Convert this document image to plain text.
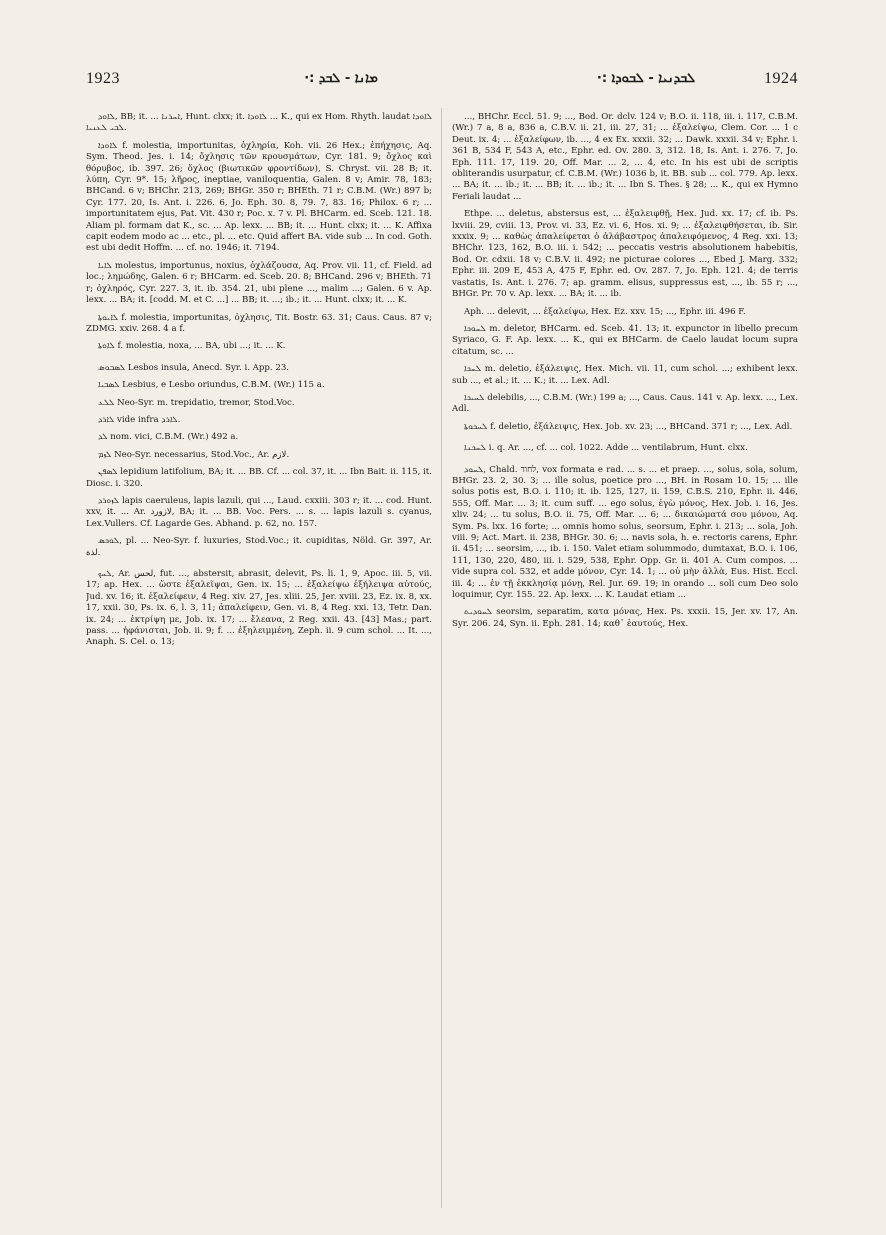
1923	·: ܡܐܢܐ - ܠܒܕ	·: ܠܒܕܢܝܐ - ܠܒܘܕܐ	1924

ܠܐܘܕ, BB; it. ... ܐܚܪܢܐ, Hunt. clxx; it. ܠܐܘܕܐ ... K., qui ex Hom. Rhyth. laudat ܠܐܘܕܐ ܠܒܝ ܠܥܢܝܐ.

ܠܐܘܕܐ f. molestia, importunitas, ὀχληρία, Koh. vii. 26 Hex.; ἐπήχησις, Aq. Sym. Theod. Jes. i. 14; ὄχλησις τῶν κρουσμάτων, Cyr. 181. 9; ὄχλος καὶ θόρυβος, ib. 397. 26; ὄχλος (βιωτικῶν φροντίδων), S. Chryst. vii. 28 B; it. λύπη, Cyr. 9*. 15; λῆρος, ineptiae, vaniloquentia, Galen. 8 v; Amir. 78, 183; BHCand. 6 v; BHChr. 213, 269; BHGr. 350 r; BHEth. 71 r; C.B.M. (Wr.) 897 b; Cyr. 177. 20, Is. Ant. i. 226. 6, Jo. Eph. 30. 8, 79. 7, 83. 16; Philox. 6 r; ... importunitatem ejus, Pat. Vit. 430 r; Poc. x. 7 v. Pl. BHCarm. ed. Sceb. 121. 18. Aliam pl. formam dat K., sc. ... Ap. lexx. ... BB; it. ... Hunt. clxx; it. ... K. Affixa capit eodem modo ac ... etc., pl. ... etc. Quid affert BA. vide sub ... In cod. Goth. est ubi dedit Hoffm. ... cf. no. 1946; it. 7194.

ܠܐܝܐ molestus, importunus, noxius, ὀχλάζουσα, Aq. Prov. vii. 11, cf. Field. ad loc.; λημώδης, Galen. 6 r; BHCarm. ed. Sceb. 20. 8; BHCand. 296 v; BHEth. 71 r; ὀχληρός, Cyr. 227. 3, it. ib. 354. 21, ubi plene ..., malim ...; Galen. 6 v. Ap. lexx. ... BA; it. [codd. M. et C. ...] ... BB; it. ...; ib.; it. ... Hunt. clxx; it. ... K.

ܠܐܝܘܬܐ f. molestia, importunitas, ὀχλησις, Tit. Bostr. 63. 31; Caus. Caus. 87 v; ZDMG. xxiv. 268. 4 a f.

ܠܐܘܬܐ f. molestia, noxa, ... BA, ubi ...; it. ... K.

ܠܣܒܘܣ Lesbos insula, Anecd. Syr. i. App. 23.

ܠܣܒܝܐ Lesbius, e Lesbo oriundus, C.B.M. (Wr.) 115 a.

ܠܠܥ Neo-Syr. m. trepidatio, tremor, Stod.Voc.

ܠܐܪܕ vide infra ܠܐܪܕ.

ܠܕ nom. vici, C.B.M. (Wr.) 492 a.

ܠܙܡ Neo-Syr. necessarius, Stod.Voc., Ar. لازم.

ܠܣܦܢ lepidium latifolium, BA; it. ... BB. Cf. ... col. 37, it. ... Ibn Bait. ii. 115, it. Diosc. i. 320.

ܠܙܘܪܕ lapis caeruleus, lapis lazuli, qui ..., Laud. cxxiii. 303 r; it. ... cod. Hunt. xxv, it. ... Ar. لازورد, BA; it. ... BB. Voc. Pers. ... s. ... lapis lazuli s. cyanus, Lex.Vullers. Cf. Lagarde Ges. Abhand. p. 62, no. 157.

ܠܘܟܣ, pl. ... Neo-Syr. f. luxuries, Stod.Voc.; it. cupiditas, Nöld. Gr. 397, Ar. لذة.

ܠܚܟ, Ar. لحس, fut. ..., abstersit, abrasit, delevit, Ps. li. 1, 9, Apoc. iii. 5, vii. 17; ap. Hex. ... ὥστε ἐξαλεῖψαι, Gen. ix. 15; ... ἐξαλείψω ἐξήλειψα αὐτούς, Jud. xv. 16; it. ἐξαλείφειν, 4 Reg. xiv. 27, Jes. xliii. 25, Jer. xviii. 23, Ez. ix. 8, xx. 17, xxii. 30, Ps. ix. 6, l. 3, 11; ἀπαλείφειν, Gen. vi. 8, 4 Reg. xxi. 13, Tetr. Dan. ix. 24; ... ἐκτρίψη με, Job. ix. 17; ... ἔλεανα, 2 Reg. xxii. 43. [43] Mas.; part. pass. ... ἠφάνισται, Job. ii. 9; f. ... ἐξηλειμμένη, Zeph. ii. 9 cum schol. ... It. ..., Anaph. S. Cel. o. 13;

..., BHChr. Eccl. 51. 9; ..., Bod. Or. dclv. 124 v; B.O. ii. 118, iii. i. 117, C.B.M. (Wr.) 7 a, 8 a, 836 a, C.B.V. ii. 21, iii. 27, 31; ... ἐξαλείψω, Clem. Cor. ... 1 c Deut. ix. 4; ... ἐξαλείφων, ib. ..., 4 ex Ex. xxxii. 32; ... Dawk. xxxii. 34 v; Ephr. i. 361 B, 534 F, 543 A, etc., Ephr. ed. Ov. 280. 3, 312. 18, Is. Ant. i. 276. 7, Jo. Eph. 111. 17, 119. 20, Off. Mar. ... 2, ... 4, etc. In his est ubi de scriptis obliterandis usurpatur, cf. C.B.M. (Wr.) 1036 b, it. BB. sub ... col. 779. Ap. lexx. ... BA; it. ... ib.; it. ... BB; it. ... ib.; it. ... Ibn S. Thes. § 28; ... K., qui ex Hymno Feriali laudat ...

Ethpe. ... deletus, abstersus est, ... ἐξαλειφθῇ, Hex. Jud. xx. 17; cf. ib. Ps. lxviii. 29, cviii. 13, Prov. vi. 33, Ez. vi. 6, Hos. xi. 9; ... ἐξαλειφθήσεται, ib. Sir. xxxix. 9; ... καθὼς ἀπαλείφεται ὁ ἀλάβαστρος ἀπαλειφόμενος, 4 Reg. xxi. 13; BHChr. 123, 162, B.O. iii. i. 542; ... peccatis vestris absolutionem habebitis, Bod. Or. cdxii. 18 v; C.B.V. ii. 492; ne picturae colores ..., Ebed J. Marg. 332; Ephr. iii. 209 E, 453 A, 475 F, Ephr. ed. Ov. 287. 7, Jo. Eph. 121. 4; de terris vastatis, Is. Ant. i. 276. 7; ap. gramm. elisus, suppressus est, ..., ib. 55 r; ..., BHGr. Pr. 70 v. Ap. lexx. ... BA; it. ... ib.

Aph. ... delevit, ... ἐξαλείψω, Hex. Ez. xxv. 15; ..., Ephr. iii. 496 F.

ܠܚܘܟܐ m. deletor, BHCarm. ed. Sceb. 41. 13; it. expunctor in libello precum Syriaco, G. F. Ap. lexx. ... K., qui ex BHCarm. de Caelo laudat locum supra citatum, sc. ...

ܠܚܟܐ m. deletio, ἐξάλειψις, Hex. Mich. vii. 11, cum schol. ...; exhibent lexx. sub ..., et al.; it. ... K.; it. ... Lex. Adl.

ܠܚܝܟܐ delebilis, ..., C.B.M. (Wr.) 199 a; ..., Caus. Caus. 141 v. Ap. lexx. ..., Lex. Adl.

ܠܚܟܘܬܐ f. deletio, ἐξάλειψις, Hex. Job. xv. 23; ..., BHCand. 371 r; ..., Lex. Adl.

ܠܚܟܢܐ i. q. Ar. ..., cf. ... col. 1022. Adde ... ventilabrum, Hunt. clxx.

ܠܚܘܕ, Chald. לחוד, vox formata e rad. ... s. ... et praep. ..., solus, sola, solum, BHGr. 23. 2, 30. 3; ... ille solus, poetice pro ..., BH. in Rosam 10. 15; ... ille solus potis est, B.O. i. 110; it. ib. 125, 127, ii. 159, C.B.S. 210, Ephr. ii. 446, 555, Off. Mar. ... 3; it. cum suff. ... ego solus, ἐγὼ μόνος, Hex. Job. i. 16, Jes. xliv. 24; ... tu solus, B.O. ii. 75, Off. Mar. ... 6; ... δικαιώματά σου μόνου, Aq. Sym. Ps. lxx. 16 forte; ... omnis homo solus, seorsum, Ephr. i. 213; ... sola, Joh. viii. 9; Act. Mart. ii. 238, BHGr. 30. 6; ... navis sola, h. e. rectoris carens, Ephr. ii. 451; ... seorsim, ..., ib. i. 150. Valet etiam solummodo, dumtaxat, B.O. i. 106, 111, 130, 220, 480, iii. i. 529, 538, Ephr. Opp. Gr. ii. 401 A. Cum compos. ... vide supra col. 532, et adde μόνον, Cyr. 14. 1; ... οὐ μὴν ἀλλὰ, Eus. Hist. Eccl. iii. 4; ... ἐν τῇ ἐκκλησίᾳ μόνῃ, Rel. Jur. 69. 19; in orando ... soli cum Deo solo loquimur, Cyr. 155. 22. Ap. lexx. ... K. Laudat etiam ...

ܠܚܘܕܝܬ seorsim, separatim, κατα μόνας, Hex. Ps. xxxii. 15, Jer. xv. 17, An. Syr. 206. 24, Syn. ii. Eph. 281. 14; καθ᾽ ἑαυτούς, Hex.
